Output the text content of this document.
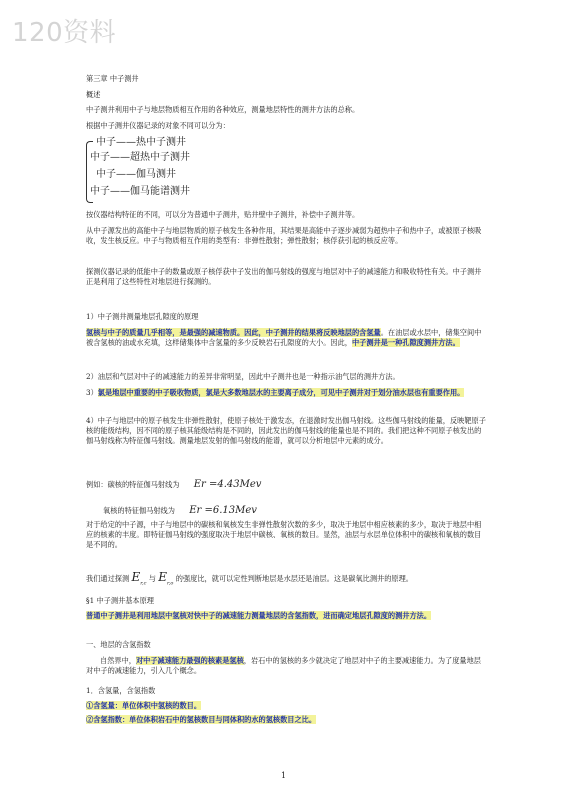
120资料
第三章 中子测井
概述
中子测井利用中子与地层物质相互作用的各种效应，测量地层特性的测井方法的总称。
根据中子测井仪器记录的对象不同可以分为：
中子——热中子测井
中子——超热中子测井
中子——伽马测井
中子——伽马能谱测井
按仪器结构特征的不同，可以分为普通中子测井，贴井壁中子测井，补偿中子测井等。
从中子源发出的高能中子与地层物质的原子核发生各种作用，其结果是高能中子逐步减弱为超热中子和热中子，或被原子核吸收，发生核反应。中子与物质相互作用的类型有：非弹性散射；弹性散射；核俘获引起的核反应等。
探测仪器记录的低能中子的数量或原子核俘获中子发出的伽马射线的强度与地层对中子的减速能力和吸收特性有关。中子测井正是利用了这些特性对地层进行探测的。
1）中子测井测量地层孔隙度的原理
氢核与中子的质量几乎相等，是最强的减速物质。因此，中子测井的结果将反映地层的含氢量。在油层或水层中，储集空间中被含氢核的油或水充填，这样储集体中含氢量的多少反映岩石孔隙度的大小。因此，中子测井是一种孔隙度测井方法。
2）油层和气层对中子的减速能力的差异非常明显，因此中子测井也是一种指示油气层的测井方法。
3）氯是地层中重要的中子吸收物质，氯是大多数地层水的主要离子成分，可见中子测井对于划分油水层也有重要作用。
4）中子与地层中的原子核发生非弹性散射，使原子核处于激发态，在退激时发出伽马射线。这些伽马射线的能量，反映靶原子核的能级结构，因不同的原子核其能级结构是不同的，因此发出的伽马射线的能量也是不同的。我们把这种不同原子核发出的伽马射线称为特征伽马射线。测量地层发射的伽马射线的能谱，就可以分析地层中元素的成分。
例如：碳核的特征伽马射线为 Er =4.43Mev
氧核的特征伽马射线为 Er =6.13Mev
对于给定的中子源，中子与地层中的碳核和氧核发生非弹性散射次数的多少，取决于地层中相应核素的多少，取决于地层中相应的核素的丰度。即特征伽马射线的强度取决于地层中碳核、氧核的数目。显然，油层与水层单位体积中的碳核和氧核的数目是不同的。
我们通过探测 $E_{r,c}$ 与 $E_{r,o}$ 的强度比，就可以定性判断地层是水层还是油层。这是碳氧比测井的原理。
§1 中子测井基本原理
普通中子测井是利用地层中氢核对快中子的减速能力测量地层的含氢指数，进而确定地层孔隙度的测井方法。
一、地层的含氢指数
自然界中，对中子减速能力最强的核素是氢核，岩石中的氢核的多少就决定了地层对中子的主要减速能力。为了度量地层对中子的减速能力，引入几个概念。
1．含氢量，含氢指数
①含氢量：单位体积中氢核的数目。
②含氢指数：单位体积岩石中的氢核数目与同体积的水的氢核数目之比。
1
